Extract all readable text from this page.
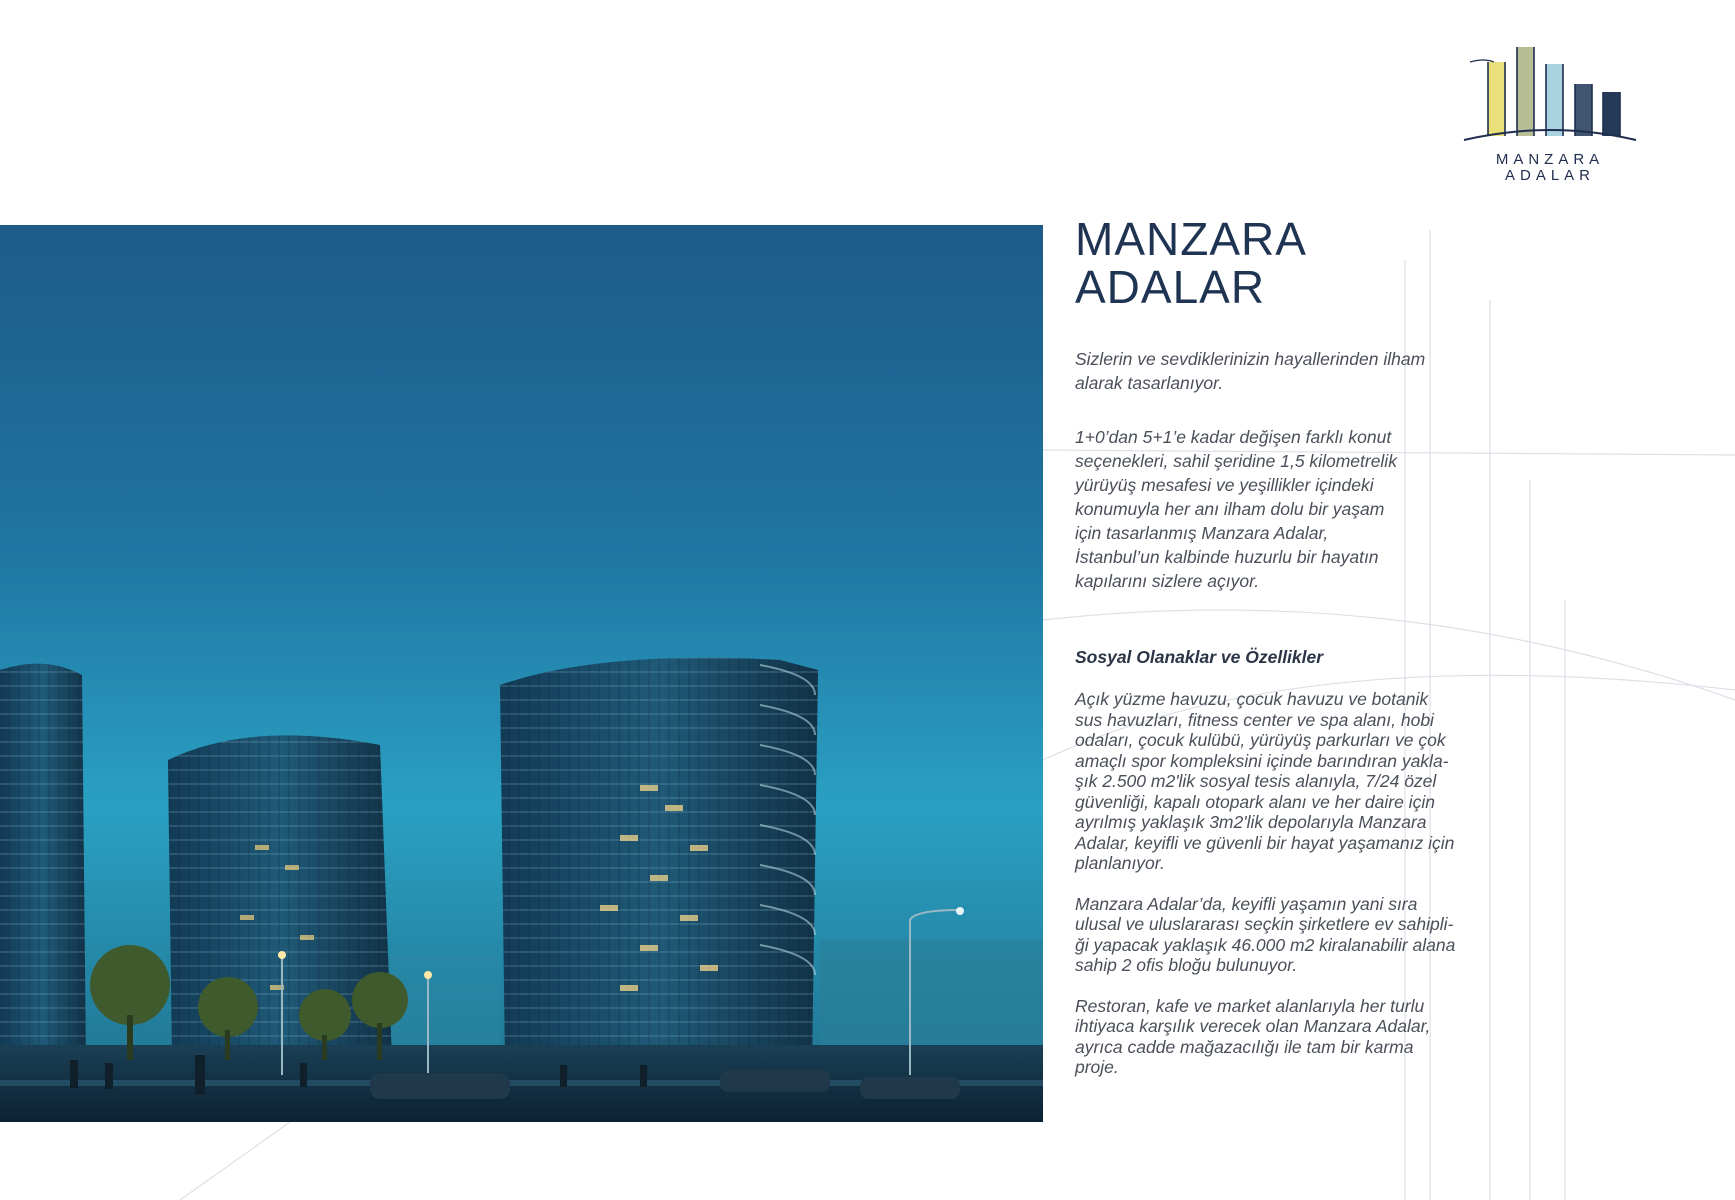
MANZARA
ADALAR
MANZARA
ADALAR

Sizlerin ve sevdiklerinizin hayallerinden ilham
alarak tasarlanıyor.

1+0’dan 5+1’e kadar değişen farklı konut
seçenekleri, sahil şeridine 1,5 kilometrelik
yürüyüş mesafesi ve yeşillikler içindeki
konumuyla her anı ilham dolu bir yaşam
için tasarlanmış Manzara Adalar,
İstanbul’un kalbinde huzurlu bir hayatın
kapılarını sizlere açıyor.

Sosyal Olanaklar ve Özellikler

Açık yüzme havuzu, çocuk havuzu ve botanik
sus havuzları, fitness center ve spa alanı, hobi
odaları, çocuk kulübü, yürüyüş parkurları ve çok
amaçlı spor kompleksini içinde barındıran yakla-
şık 2.500 m2'lik sosyal tesis alanıyla, 7/24 özel
güvenliği, kapalı otopark alanı ve her daire için
ayrılmış yaklaşık 3m2'lik depolarıyla Manzara
Adalar, keyifli ve güvenli bir hayat yaşamanız için
planlanıyor.

Manzara Adalar’da, keyifli yaşamın yani sıra
ulusal ve uluslararası seçkin şirketlere ev sahipli-
ği yapacak yaklaşık 46.000 m2 kiralanabilir alana
sahip 2 ofis bloğu bulunuyor.

Restoran, kafe ve market alanlarıyla her turlu
ihtiyaca karşılık verecek olan Manzara Adalar,
ayrıca cadde mağazacılığı ile tam bir karma
proje.
